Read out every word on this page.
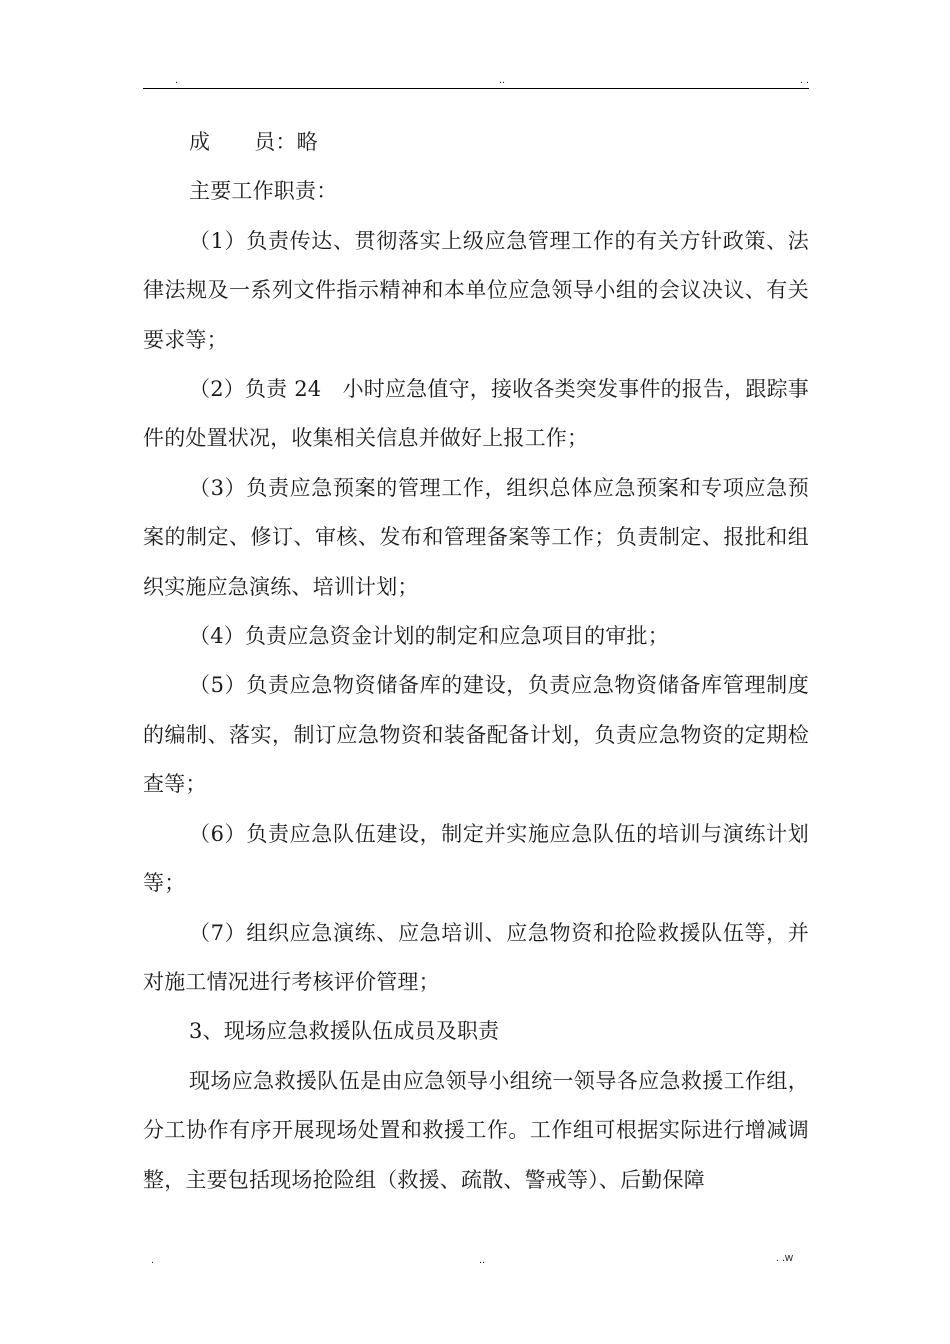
.	..	. .

成 员：略

主要工作职责：

（1）负责传达、贯彻落实上级应急管理工作的有关方针政策、法律法规及一系列文件指示精神和本单位应急领导小组的会议决议、有关要求等；

（2）负责 24　小时应急值守，接收各类突发事件的报告，跟踪事件的处置状况，收集相关信息并做好上报工作；

（3）负责应急预案的管理工作，组织总体应急预案和专项应急预案的制定、修订、审核、发布和管理备案等工作；负责制定、报批和组织实施应急演练、培训计划；

（4）负责应急资金计划的制定和应急项目的审批；

（5）负责应急物资储备库的建设，负责应急物资储备库管理制度的编制、落实，制订应急物资和装备配备计划，负责应急物资的定期检查等；

（6）负责应急队伍建设，制定并实施应急队伍的培训与演练计划等；

（7）组织应急演练、应急培训、应急物资和抢险救援队伍等，并对施工情况进行考核评价管理；

3、现场应急救援队伍成员及职责

现场应急救援队伍是由应急领导小组统一领导各应急救援工作组，分工协作有序开展现场处置和救援工作。工作组可根据实际进行增减调整，主要包括现场抢险组（救援、疏散、警戒等）、后勤保障

.	..	. .w
